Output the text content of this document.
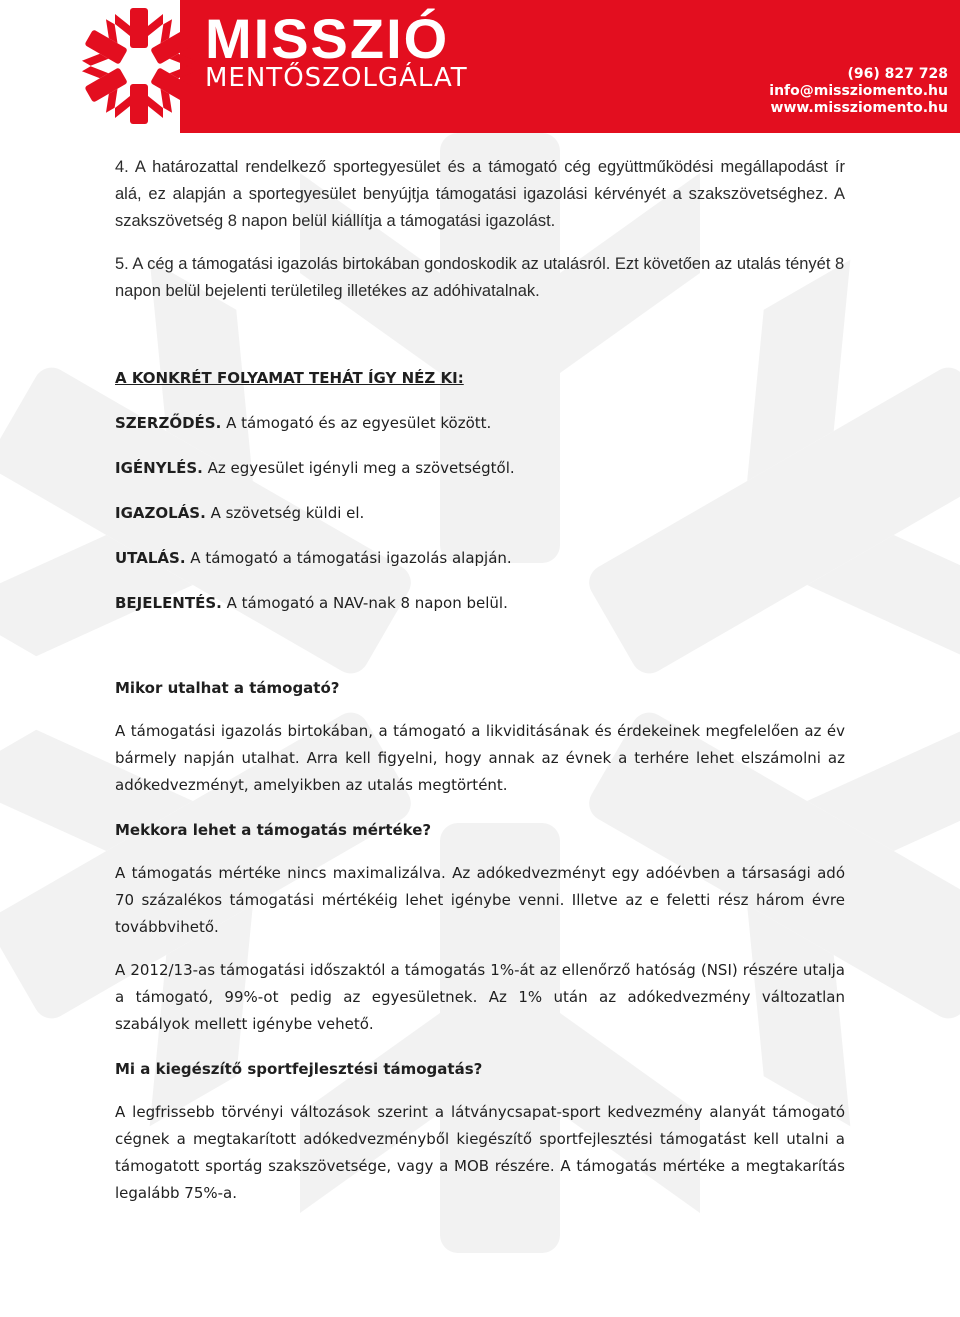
MISSZIÓ

MENTŐSZOLGÁLAT	(96) 827 728
info@missziomento.hu
www.missziomento.hu

4. A határozattal rendelkező sportegyesület és a támogató cég együttműködési megállapodást ír alá, ez alapján a sportegyesület benyújtja támogatási igazolási kérvényét a szakszövetséghez. A szakszövetség 8 napon belül kiállítja a támogatási igazolást.

5. A cég a támogatási igazolás birtokában gondoskodik az utalásról. Ezt követően az utalás tényét 8 napon belül bejelenti területileg illetékes az adóhivatalnak.

A KONKRÉT FOLYAMAT TEHÁT ÍGY NÉZ KI:

SZERZŐDÉS. A támogató és az egyesület között.

IGÉNYLÉS. Az egyesület igényli meg a szövetségtől.

IGAZOLÁS. A szövetség küldi el.

UTALÁS. A támogató a támogatási igazolás alapján.

BEJELENTÉS. A támogató a NAV-nak 8 napon belül.

Mikor utalhat a támogató?

A támogatási igazolás birtokában, a támogató a likviditásának és érdekeinek megfelelően az év bármely napján utalhat. Arra kell figyelni, hogy annak az évnek a terhére lehet elszámolni az adókedvezményt, amelyikben az utalás megtörtént.

Mekkora lehet a támogatás mértéke?

A támogatás mértéke nincs maximalizálva. Az adókedvezményt egy adóévben a társasági adó 70 százalékos támogatási mértékéig lehet igénybe venni. Illetve az e feletti rész három évre továbbvihető.

A 2012/13-as támogatási időszaktól a támogatás 1%-át az ellenőrző hatóság (NSI) részére utalja a támogató, 99%-ot pedig az egyesületnek. Az 1% után az adókedvezmény változatlan szabályok mellett igénybe vehető.

Mi a kiegészítő sportfejlesztési támogatás?

A legfrissebb törvényi változások szerint a látványcsapat-sport kedvezmény alanyát támogató cégnek a megtakarított adókedvezményből kiegészítő sportfejlesztési támogatást kell utalni a támogatott sportág szakszövetsége, vagy a MOB részére. A támogatás mértéke a megtakarítás legalább 75%-a.
